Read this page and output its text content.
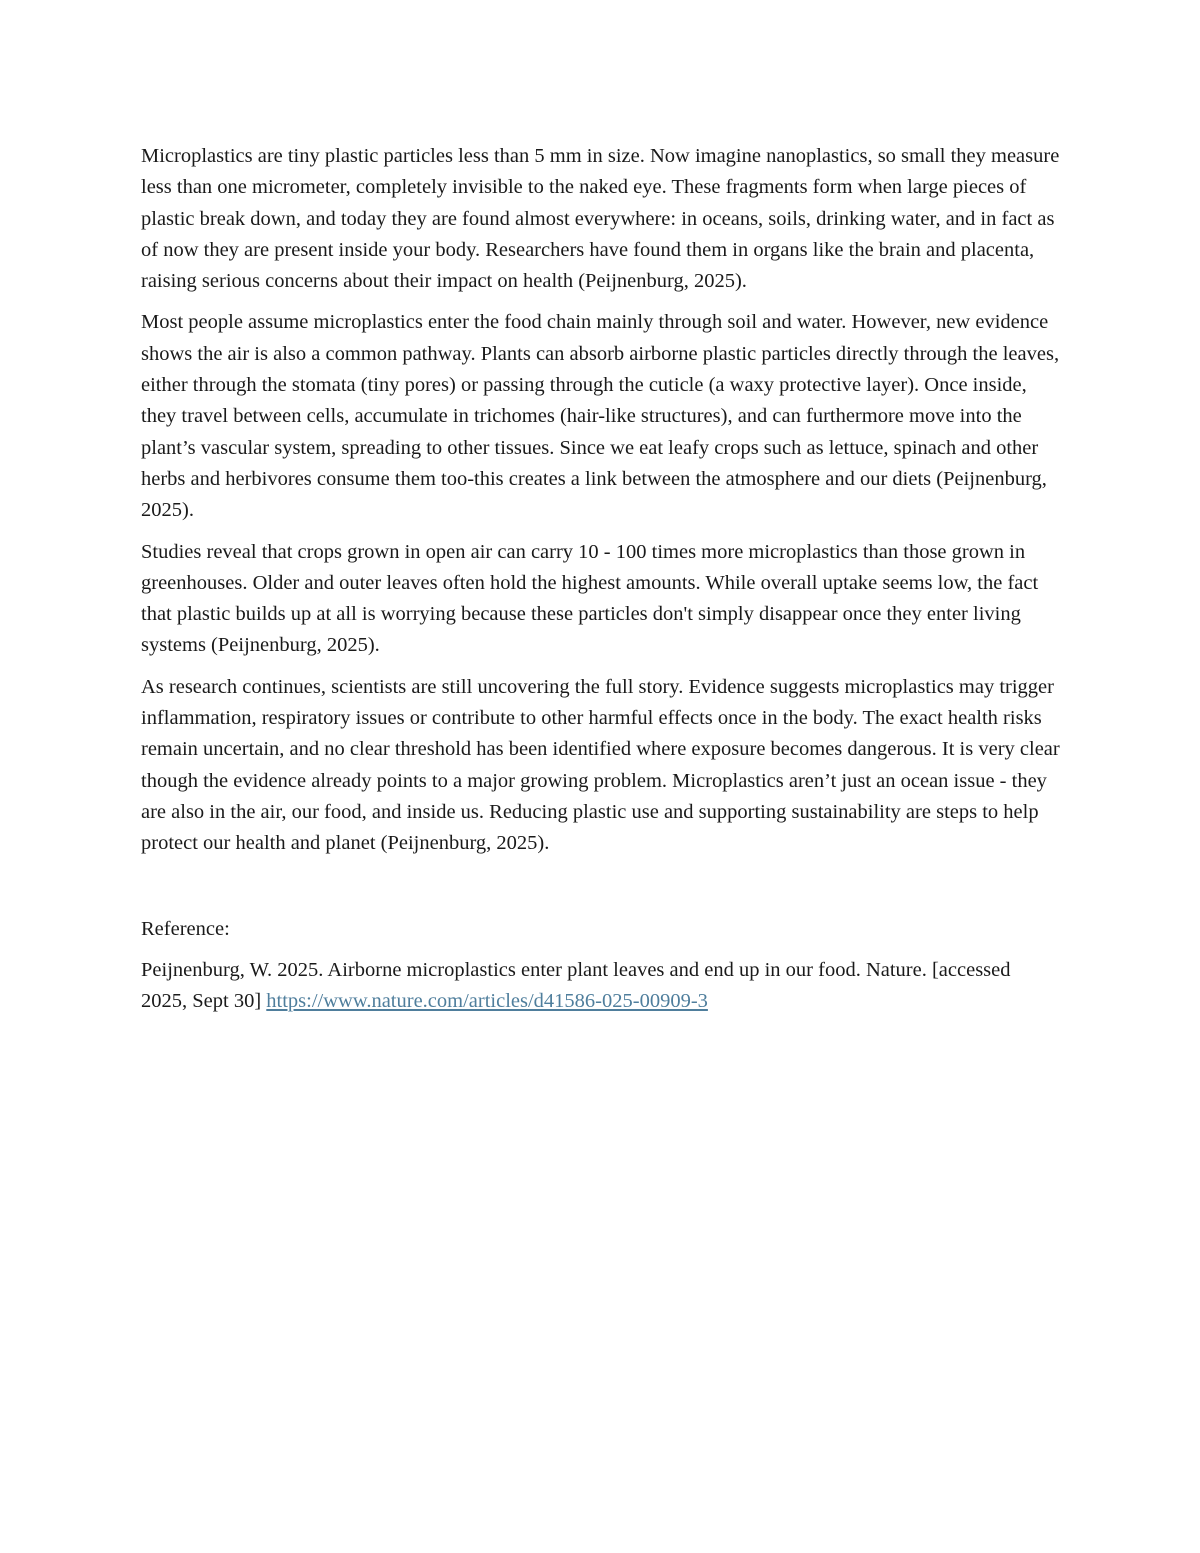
Microplastics are tiny plastic particles less than 5 mm in size. Now imagine nanoplastics, so small they measure less than one micrometer, completely invisible to the naked eye. These fragments form when large pieces of plastic break down, and today they are found almost everywhere: in oceans, soils, drinking water, and in fact as of now they are present inside your body. Researchers have found them in organs like the brain and placenta, raising serious concerns about their impact on health (Peijnenburg, 2025).

Most people assume microplastics enter the food chain mainly through soil and water. However, new evidence shows the air is also a common pathway. Plants can absorb airborne plastic particles directly through the leaves, either through the stomata (tiny pores) or passing through the cuticle (a waxy protective layer). Once inside, they travel between cells, accumulate in trichomes (hair-like structures), and can furthermore move into the plant’s vascular system, spreading to other tissues. Since we eat leafy crops such as lettuce, spinach and other herbs and herbivores consume them too-this creates a link between the atmosphere and our diets (Peijnenburg, 2025).

Studies reveal that crops grown in open air can carry 10 - 100 times more microplastics than those grown in greenhouses. Older and outer leaves often hold the highest amounts. While overall uptake seems low, the fact that plastic builds up at all is worrying because these particles don't simply disappear once they enter living systems (Peijnenburg, 2025).

As research continues, scientists are still uncovering the full story. Evidence suggests microplastics may trigger inflammation, respiratory issues or contribute to other harmful effects once in the body. The exact health risks remain uncertain, and no clear threshold has been identified where exposure becomes dangerous. It is very clear though the evidence already points to a major growing problem. Microplastics aren’t just an ocean issue - they are also in the air, our food, and inside us. Reducing plastic use and supporting sustainability are steps to help protect our health and planet (Peijnenburg, 2025).

Reference:

Peijnenburg, W. 2025. Airborne microplastics enter plant leaves and end up in our food. Nature. [accessed 2025, Sept 30] https://www.nature.com/articles/d41586-025-00909-3
